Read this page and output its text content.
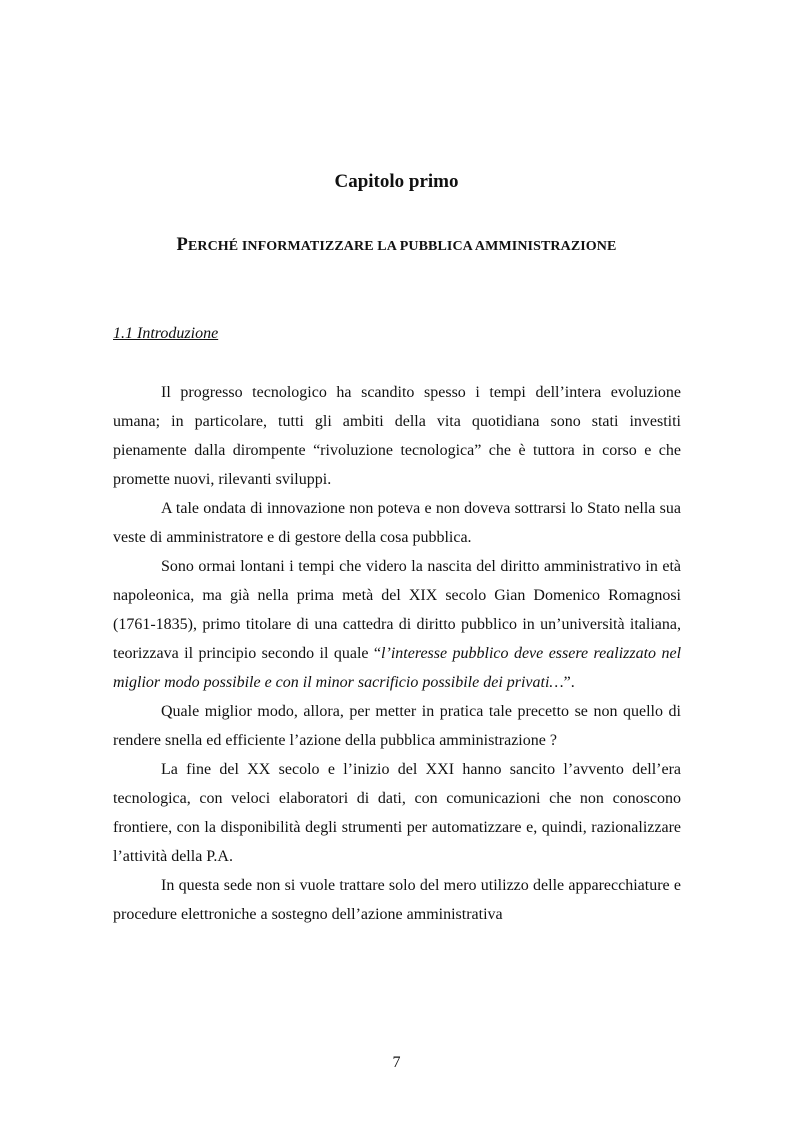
Capitolo primo
PERCHÉ INFORMATIZZARE LA PUBBLICA AMMINISTRAZIONE
1.1 Introduzione

Il progresso tecnologico ha scandito spesso i tempi dell’intera evoluzione umana; in particolare, tutti gli ambiti della vita quotidiana sono stati investiti pienamente dalla dirompente “rivoluzione tecnologica” che è tuttora in corso e che promette nuovi, rilevanti sviluppi.

A tale ondata di innovazione non poteva e non doveva sottrarsi lo Stato nella sua veste di amministratore e di gestore della cosa pubblica.

Sono ormai lontani i tempi che videro la nascita del diritto amministrativo in età napoleonica, ma già nella prima metà del XIX secolo Gian Domenico Romagnosi (1761-1835), primo titolare di una cattedra di diritto pubblico in un’università italiana, teorizzava il principio secondo il quale “l’interesse pubblico deve essere realizzato nel miglior modo possibile e con il minor sacrificio possibile dei privati…”.

Quale miglior modo, allora, per metter in pratica tale precetto se non quello di rendere snella ed efficiente l’azione della pubblica amministrazione ?

La fine del XX secolo e l’inizio del XXI hanno sancito l’avvento dell’era tecnologica, con veloci elaboratori di dati, con comunicazioni che non conoscono frontiere, con la disponibilità degli strumenti per automatizzare e, quindi, razionalizzare l’attività della P.A.

In questa sede non si vuole trattare solo del mero utilizzo delle apparecchiature e procedure elettroniche a sostegno dell’azione amministrativa

7
